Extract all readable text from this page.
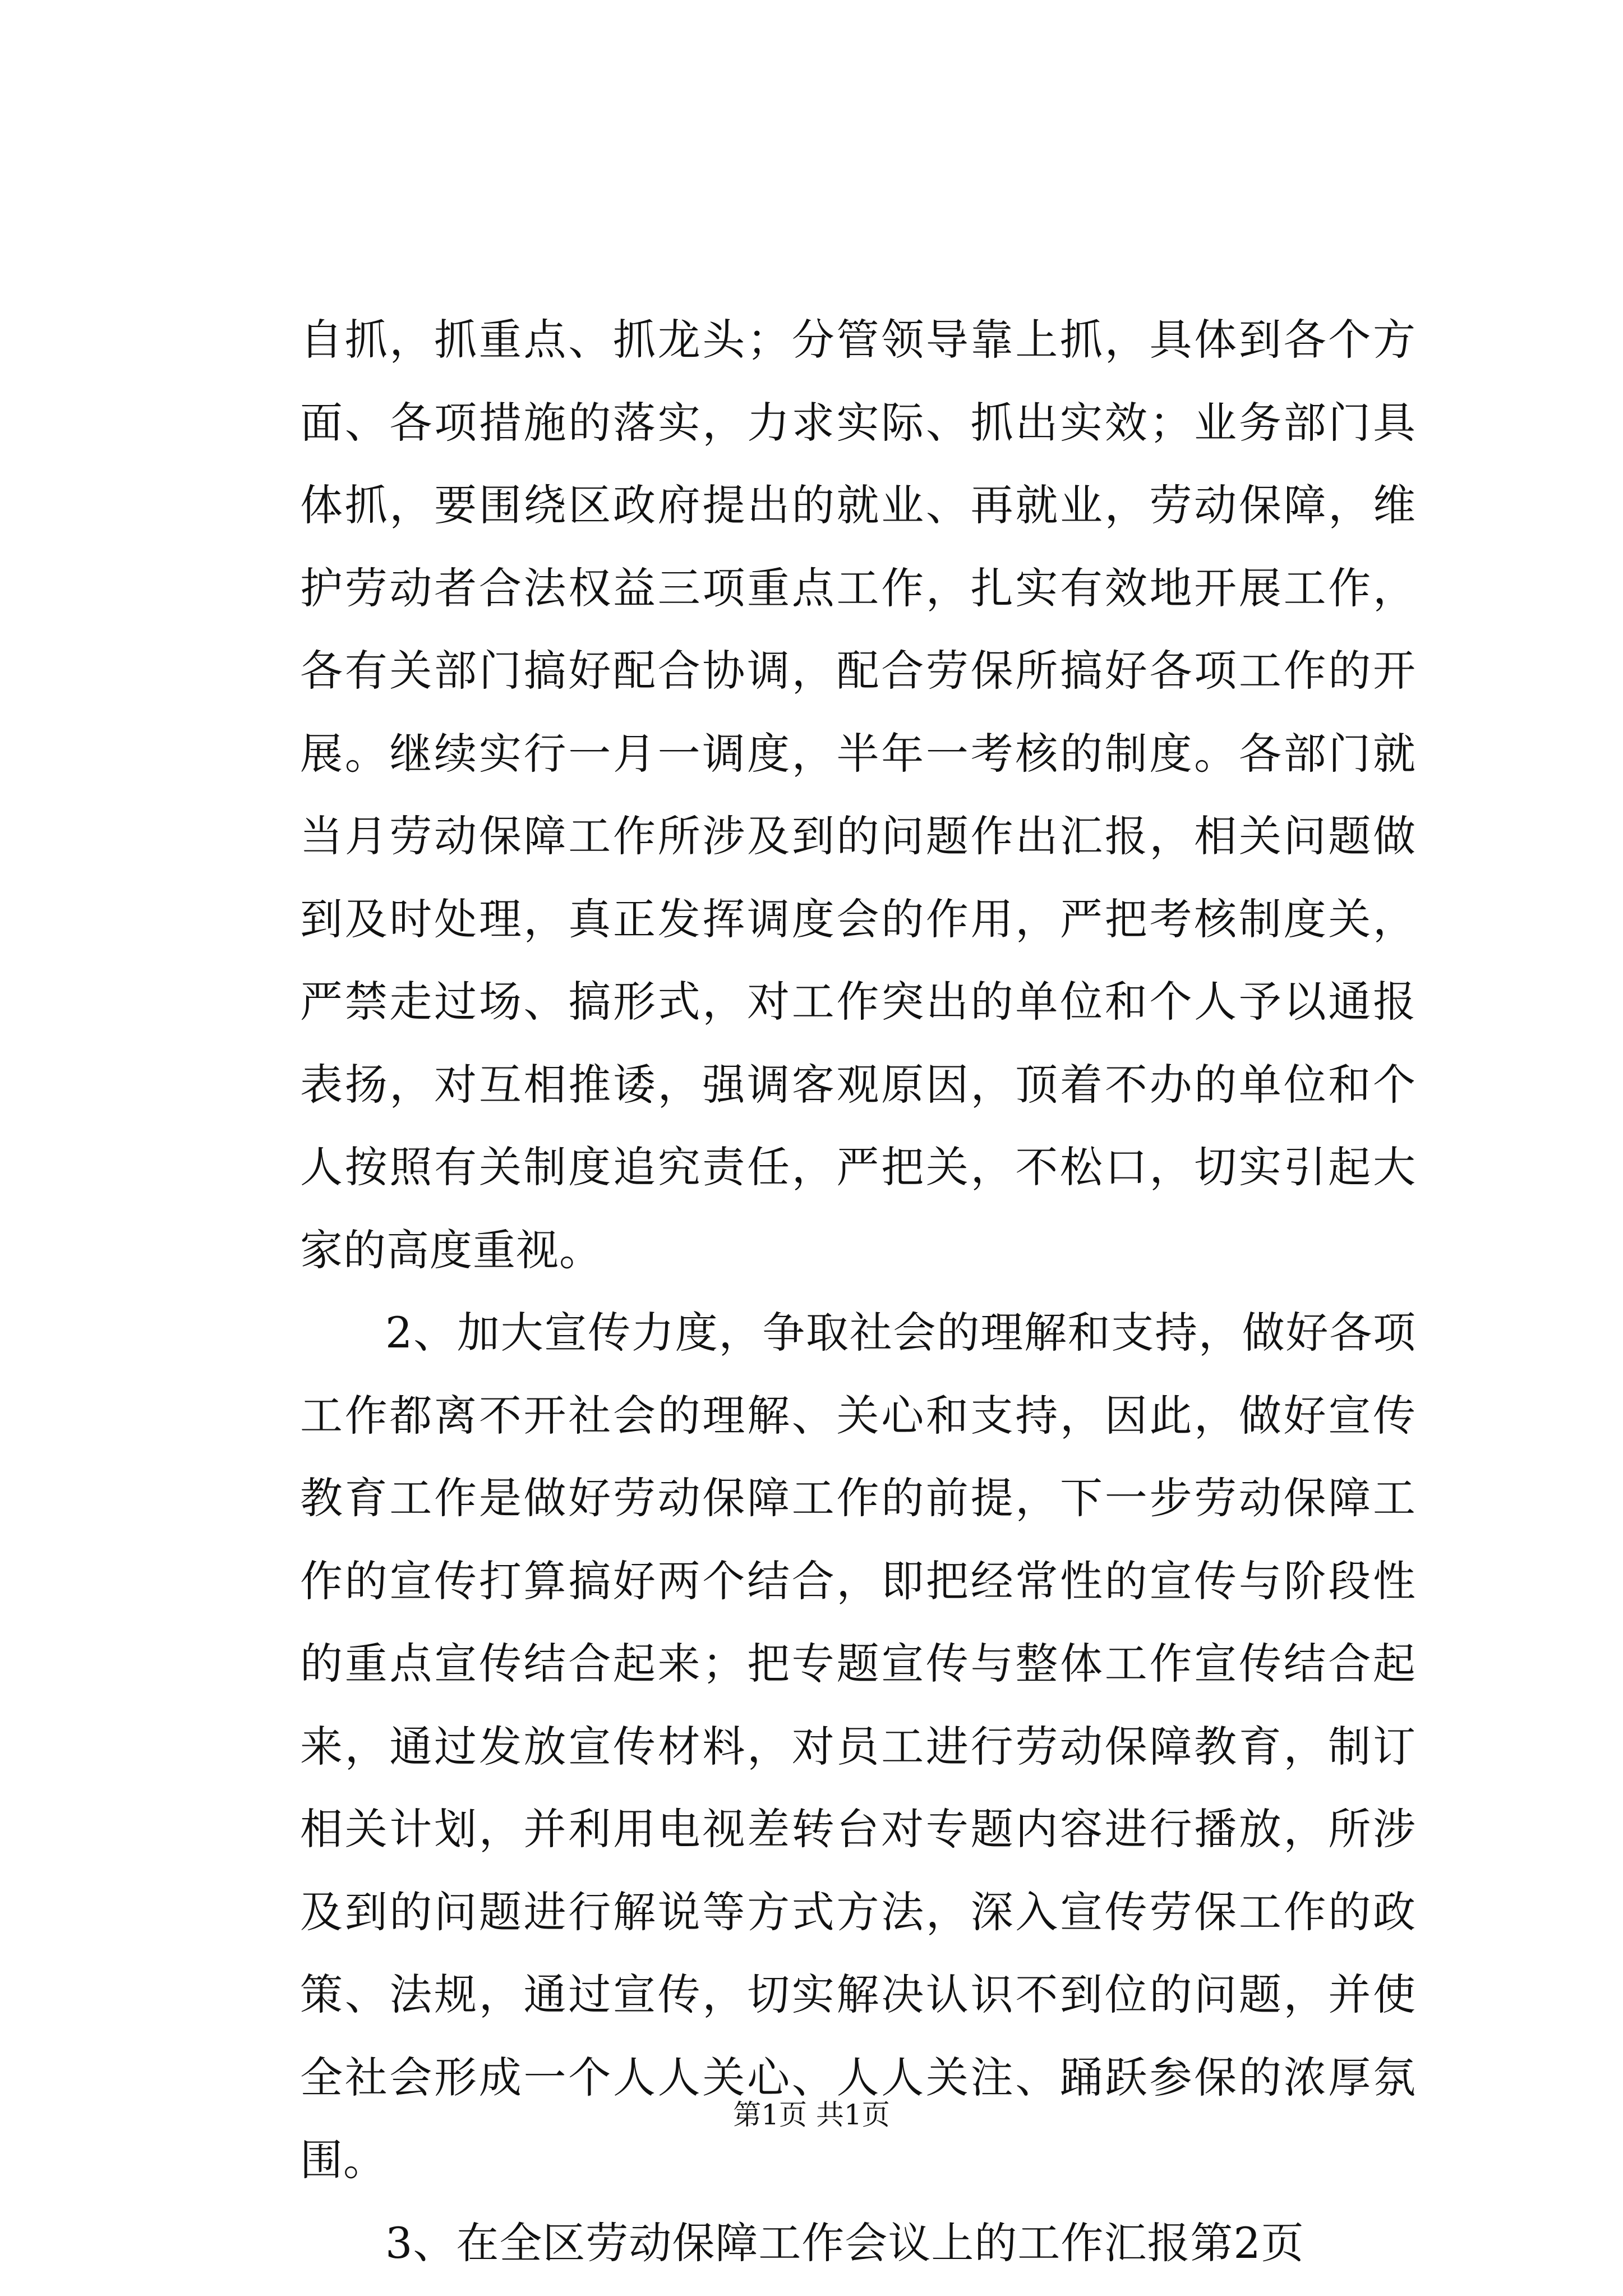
自抓，抓重点、抓龙头；分管领导靠上抓，具体到各个方面、各项措施的落实，力求实际、抓出实效；业务部门具体抓，要围绕区政府提出的就业、再就业，劳动保障，维护劳动者合法权益三项重点工作，扎实有效地开展工作，各有关部门搞好配合协调，配合劳保所搞好各项工作的开展。继续实行一月一调度，半年一考核的制度。各部门就当月劳动保障工作所涉及到的问题作出汇报，相关问题做到及时处理，真正发挥调度会的作用，严把考核制度关，严禁走过场、搞形式，对工作突出的单位和个人予以通报表扬，对互相推诿，强调客观原因，顶着不办的单位和个人按照有关制度追究责任，严把关，不松口，切实引起大家的高度重视。

2、加大宣传力度，争取社会的理解和支持，做好各项工作都离不开社会的理解、关心和支持，因此，做好宣传教育工作是做好劳动保障工作的前提，下一步劳动保障工作的宣传打算搞好两个结合，即把经常性的宣传与阶段性的重点宣传结合起来；把专题宣传与整体工作宣传结合起来，通过发放宣传材料，对员工进行劳动保障教育，制订相关计划，并利用电视差转台对专题内容进行播放，所涉及到的问题进行解说等方式方法，深入宣传劳保工作的政策、法规，通过宣传，切实解决认识不到位的问题，并使全社会形成一个人人关心、人人关注、踊跃参保的浓厚氛围。

3、在全区劳动保障工作会议上的工作汇报第2页

第1页 共1页
